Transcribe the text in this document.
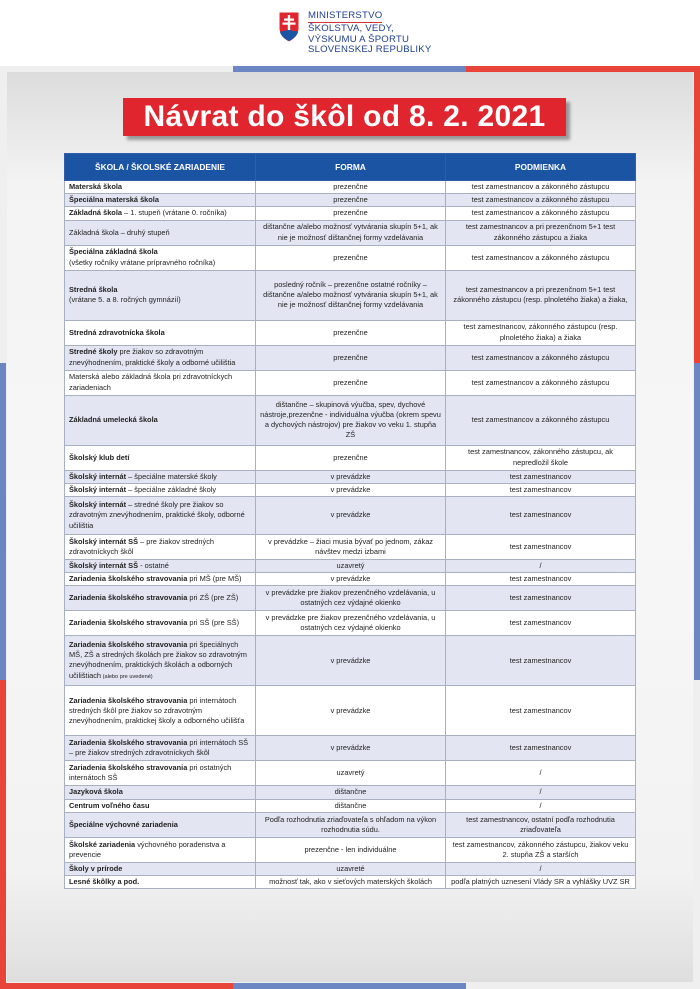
MINISTERSTVO
ŠKOLSTVA, VEDY,
VÝSKUMU A ŠPORTU
SLOVENSKEJ REPUBLIKY
Návrat do škôl od 8. 2. 2021
ŠKOLA / ŠKOLSKÉ ZARIADENIE	FORMA	PODMIENKA
Materská škola	prezenčne	test zamestnancov a zákonného zástupcu
Špeciálna materská škola	prezenčne	test zamestnancov a zákonného zástupcu
Základná škola – 1. stupeň (vrátane 0. ročníka)	prezenčne	test zamestnancov a zákonného zástupcu
Základná škola – druhý stupeň	dištančne a/alebo možnosť vytvárania skupín 5+1, ak nie je možnosť dištančnej formy vzdelávania	test zamestnancov a pri prezenčnom 5+1 test zákonného zástupcu a žiaka
Špeciálna základná škola
(všetky ročníky vrátane prípravného ročníka)	prezenčne	test zamestnancov a zákonného zástupcu
Stredná škola
(vrátane 5. a 8. ročných gymnázií)	posledný ročník – prezenčne ostatné ročníky – dištančne a/alebo možnosť vytvárania skupín 5+1, ak nie je možnosť dištančnej formy vzdelávania	test zamestnancov a pri prezenčnom 5+1 test zákonného zástupcu (resp. plnoletého žiaka) a žiaka,
Stredná zdravotnícka škola	prezenčne	test zamestnancov, zákonného zástupcu (resp. plnoletého žiaka) a žiaka
Stredné školy pre žiakov so zdravotným znevýhodnením, praktické školy a odborné učilištia	prezenčne	test zamestnancov a zákonného zástupcu
Materská alebo základná škola pri zdravotníckych zariadeniach	prezenčne	test zamestnancov a zákonného zástupcu
Základná umelecká škola	dištančne – skupinová výučba, spev, dychové nástroje,prezenčne - individuálna výučba (okrem spevu a dychových nástrojov) pre žiakov vo veku 1. stupňa ZŠ	test zamestnancov a zákonného zástupcu
Školský klub detí	prezenčne	test zamestnancov, zákonného zástupcu, ak nepredložil škole
Školský internát – špeciálne materské školy	v prevádzke	test zamestnancov
Školský internát – špeciálne základné školy	v prevádzke	test zamestnancov
Školský internát – stredné školy pre žiakov so zdravotným znevýhodnením, praktické školy, odborné učilištia	v prevádzke	test zamestnancov
Školský internát SŠ – pre žiakov stredných zdravotníckych škôl	v prevádzke – žiaci musia bývať po jednom, zákaz návštev medzi izbami	test zamestnancov
Školský internát SŠ - ostatné	uzavretý	/
Zariadenia školského stravovania pri MŠ (pre MŠ)	v prevádzke	test zamestnancov
Zariadenia školského stravovania pri ZŠ (pre ZŠ)	v prevádzke pre žiakov prezenčného vzdelávania, u ostatných cez výdajné okienko	test zamestnancov
Zariadenia školského stravovania pri SŠ (pre SŠ)	v prevádzke pre žiakov prezenčného vzdelávania, u ostatných cez výdajné okienko	test zamestnancov
Zariadenia školského stravovania pri špeciálnych MŠ, ZŠ a stredných školách pre žiakov so zdravotným znevýhodnením, praktických školách a odborných učilištiach (alebo pre uvedené)	v prevádzke	test zamestnancov
Zariadenia školského stravovania pri internátoch stredných škôl pre žiakov so zdravotným znevýhodnením, praktickej školy a odborného učilišťa	v prevádzke	test zamestnancov
Zariadenia školského stravovania pri internátoch SŠ – pre žiakov stredných zdravotníckych škôl	v prevádzke	test zamestnancov
Zariadenia školského stravovania pri ostatných internátoch SŠ	uzavretý	/
Jazyková škola	dištančne	/
Centrum voľného času	dištančne	/
Špeciálne výchovné zariadenia	Podľa rozhodnutia zriaďovateľa s ohľadom na výkon rozhodnutia súdu.	test zamestnancov, ostatní podľa rozhodnutia zriaďovateľa
Školské zariadenia výchovného poradenstva a prevencie	prezenčne - len individuálne	test zamestnancov, zákonného zástupcu, žiakov veku 2. stupňa ZŠ a starších
Školy v prírode	uzavreté	/
Lesné škôlky a pod.	možnosť tak, ako v sieťových materských školách	podľa platných uznesení Vlády SR a vyhlášky UVZ SR
